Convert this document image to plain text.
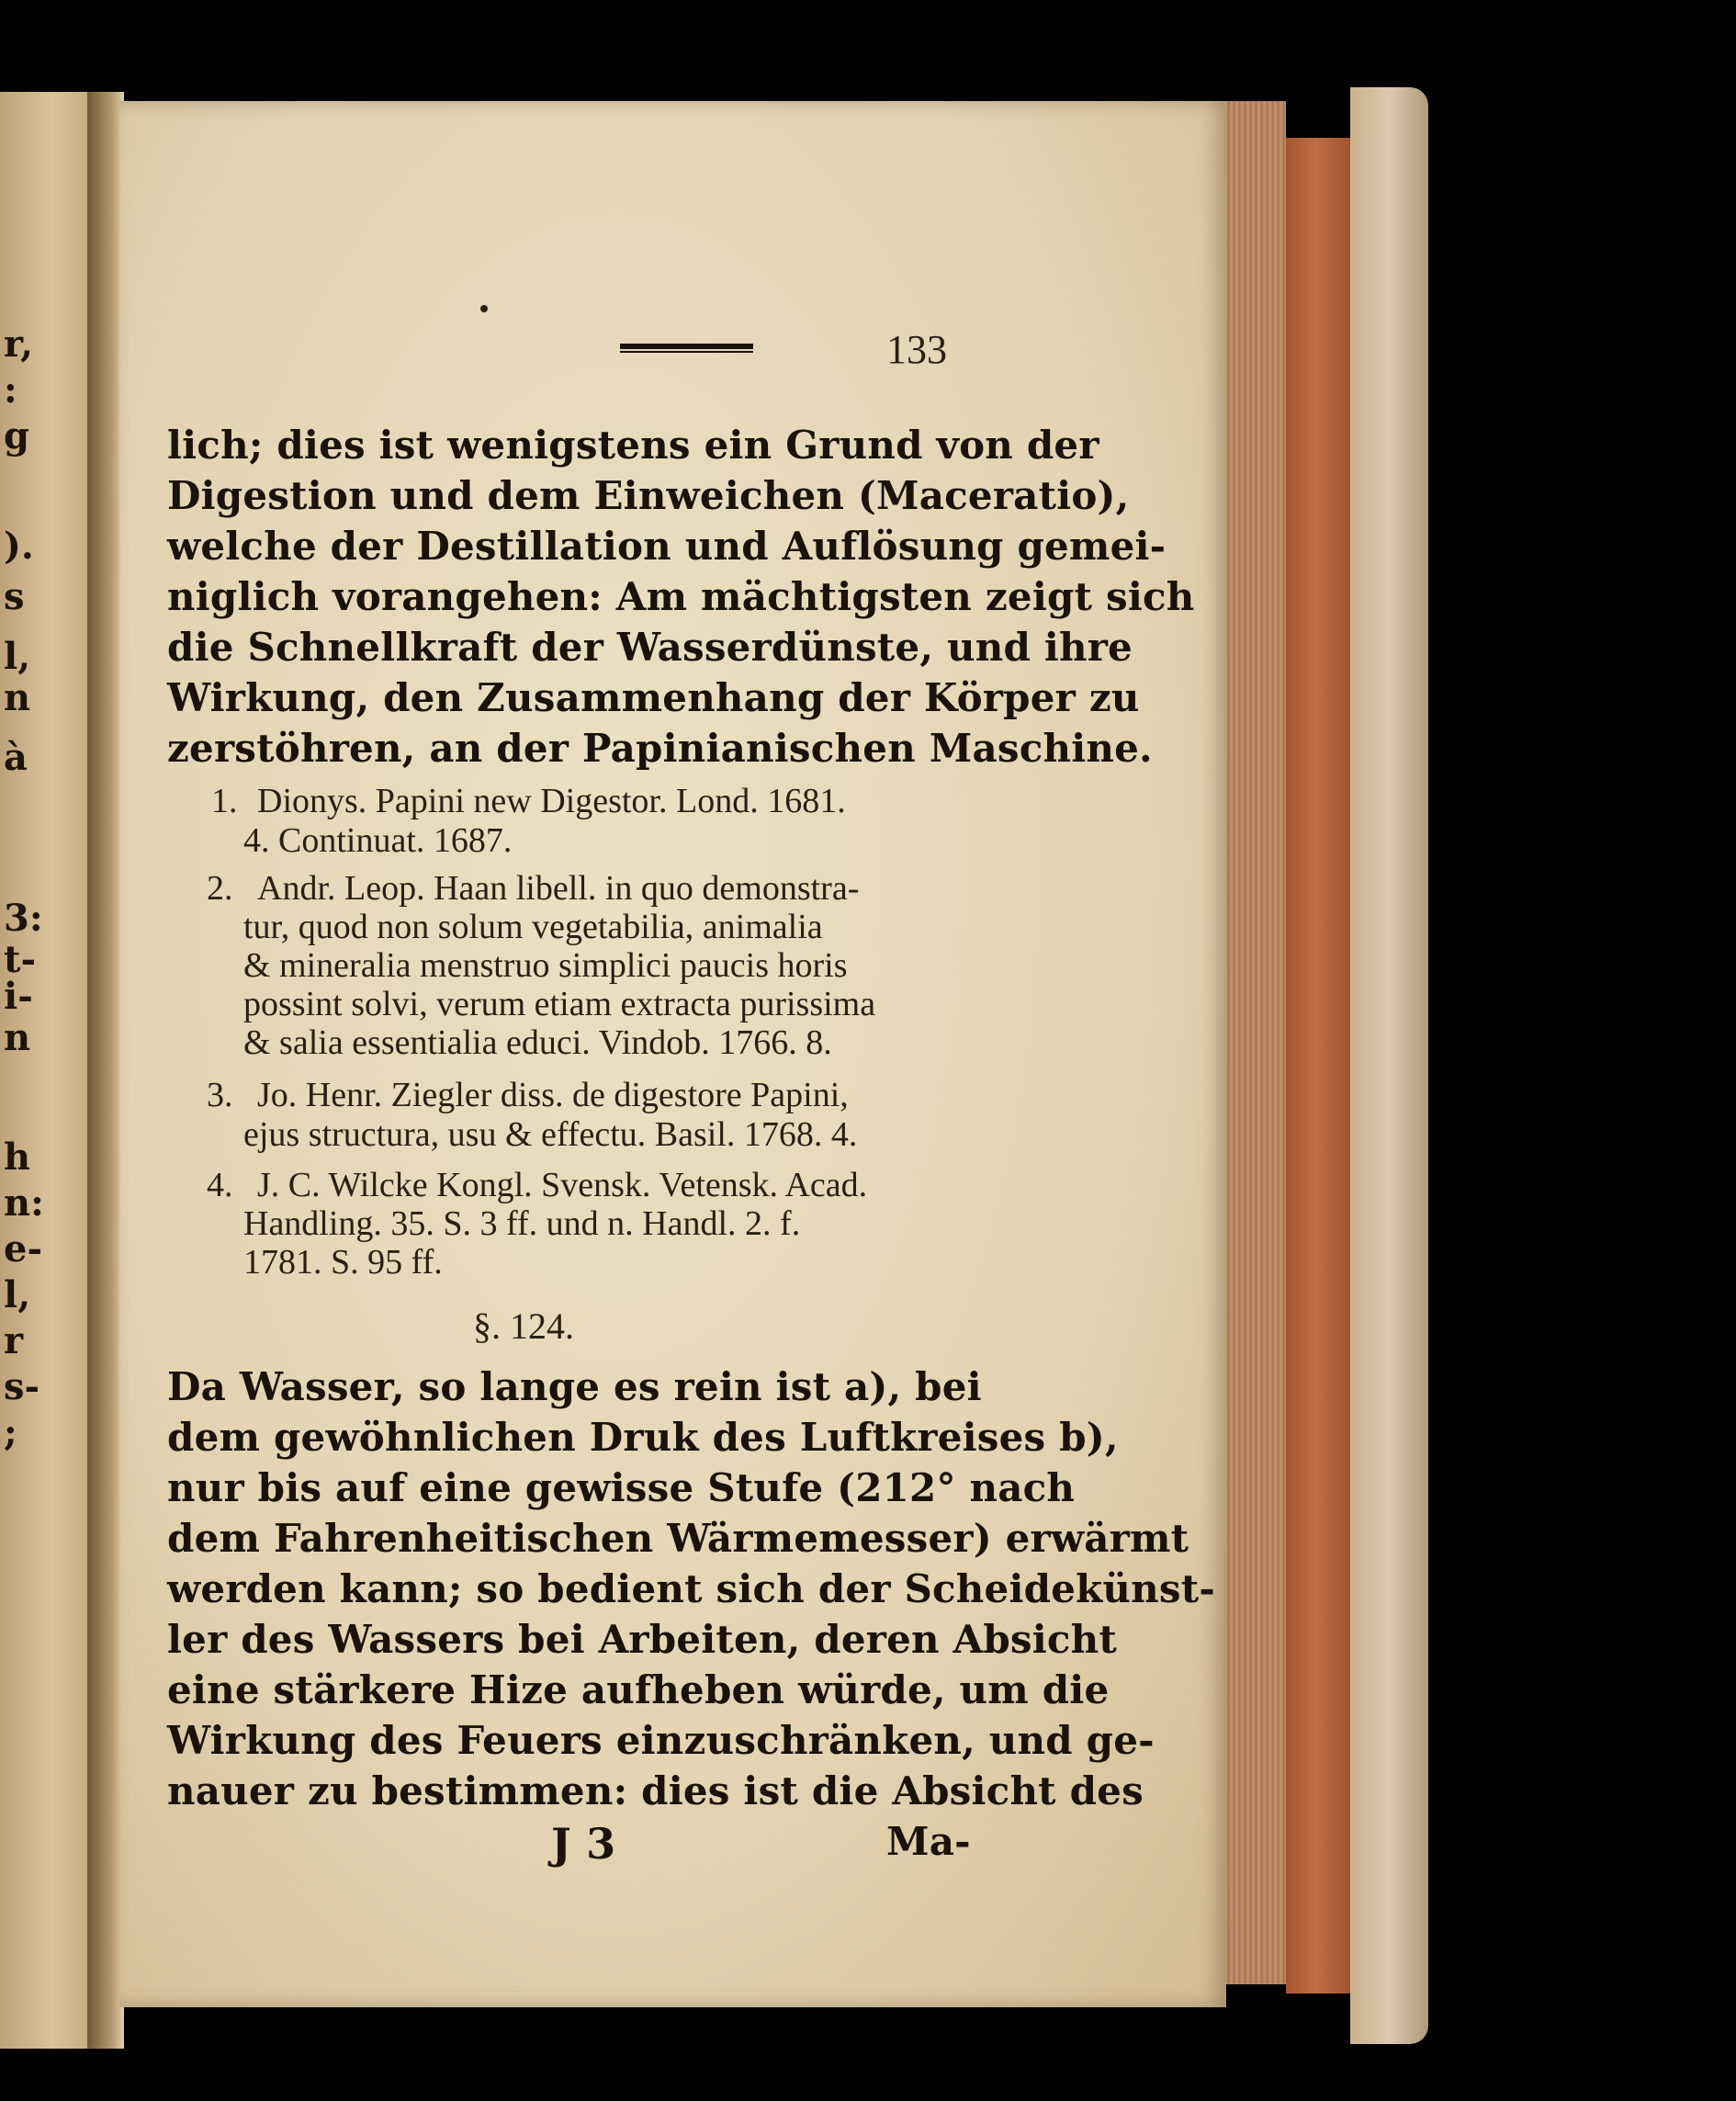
r,
:
g
).
s
l,
n
à
3:
t-
i-
n
h
n:
e-
l,
r
s-
;
133
lich; dies ist wenigstens ein Grund von der
Digestion und dem Einweichen (Maceratio),
welche der Destillation und Auflösung gemei-
niglich vorangehen: Am mächtigsten zeigt sich
die Schnellkraft der Wasserdünste, und ihre
Wirkung, den Zusammenhang der Körper zu
zerstöhren, an der Papinianischen Maschine.
1. Dionys. Papini new Digestor. Lond. 1681.
4. Continuat. 1687.
2. Andr. Leop. Haan libell. in quo demonstra-
tur, quod non solum vegetabilia, animalia
& mineralia menstruo simplici paucis horis
possint solvi, verum etiam extracta purissima
& salia essentialia educi. Vindob. 1766. 8.
3. Jo. Henr. Ziegler diss. de digestore Papini,
ejus structura, usu & effectu. Basil. 1768. 4.
4. J. C. Wilcke Kongl. Svensk. Vetensk. Acad.
Handling. 35. S. 3 ff. und n. Handl. 2. f.
1781. S. 95 ff.
§. 124.
Da Wasser, so lange es rein ist a), bei
dem gewöhnlichen Druk des Luftkreises b),
nur bis auf eine gewisse Stufe (212° nach
dem Fahrenheitischen Wärmemesser) erwärmt
werden kann; so bedient sich der Scheidekünst-
ler des Wassers bei Arbeiten, deren Absicht
eine stärkere Hize aufheben würde, um die
Wirkung des Feuers einzuschränken, und ge-
nauer zu bestimmen: dies ist die Absicht des
J 3	Ma-
